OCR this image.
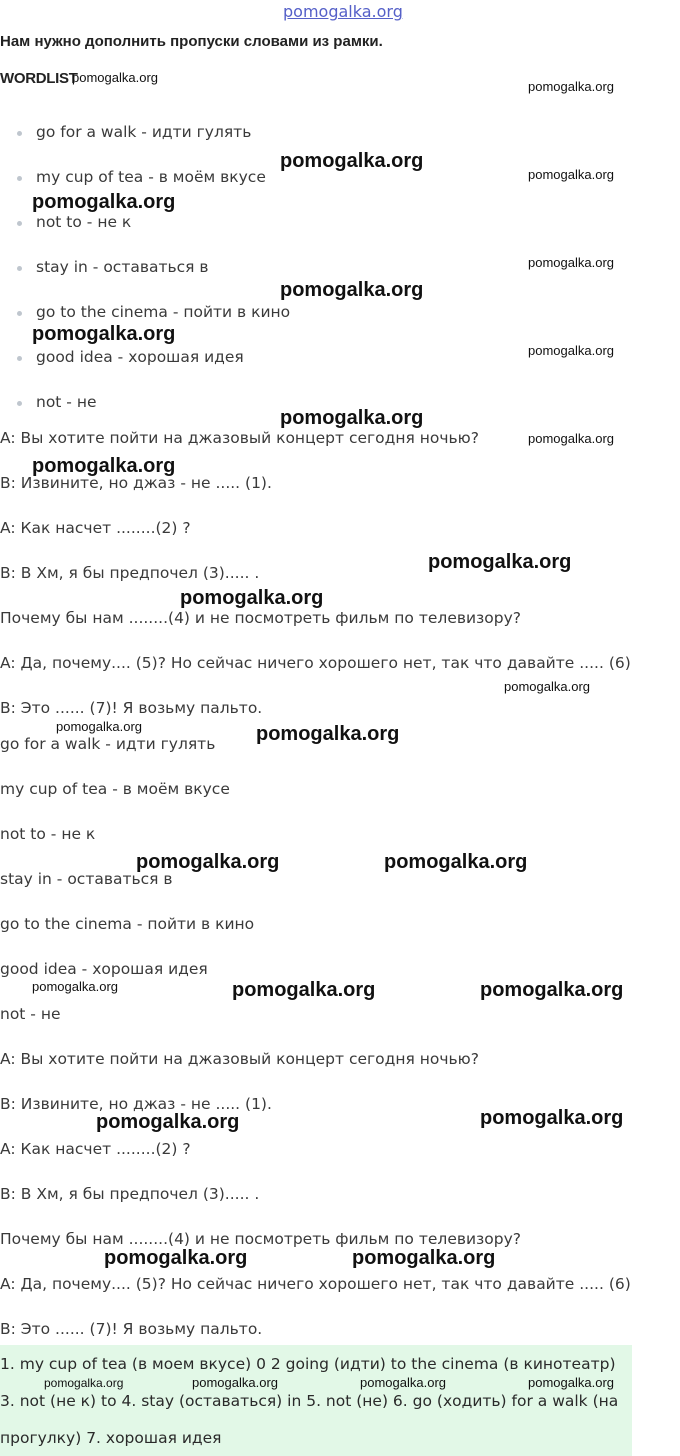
pomogalka.org
Нам нужно дополнить пропуски словами из рамки.
WORDLIST
go for a walk - идти гулять
my cup of tea - в моём вкусе
not to - не к
stay in - оставаться в
go to the cinema - пойти в кино
good idea - хорошая идея
not - не
A: Вы хотите пойти на джазовый концерт сегодня ночью?
B: Извините, но джаз - не ..... (1).
A: Как насчет ........(2) ?
B: В Хм, я бы предпочел (3)..... .
Почему бы нам ........(4) и не посмотреть фильм по телевизору?
A: Да, почему.... (5)? Но сейчас ничего хорошего нет, так что давайте ..... (6)
B: Это ...... (7)! Я возьму пальто.
go for a walk - идти гулять
my cup of tea - в моём вкусе
not to - не к
stay in - оставаться в
go to the cinema - пойти в кино
good idea - хорошая идея
not - не
A: Вы хотите пойти на джазовый концерт сегодня ночью?
B: Извините, но джаз - не ..... (1).
A: Как насчет ........(2) ?
B: В Хм, я бы предпочел (3)..... .
Почему бы нам ........(4) и не посмотреть фильм по телевизору?
A: Да, почему.... (5)? Но сейчас ничего хорошего нет, так что давайте ..... (6)
B: Это ...... (7)! Я возьму пальто.
1. my cup of tea (в моем вкусе) 0 2 going (идти) to the cinema (в кинотеатр)
3. not (не к) to 4. stay (оставаться) in 5. not (не) 6. go (ходить) for a walk (на
прогулку) 7. хорошая идея
pomogalka.org
pomogalka.org
pomogalka.org
pomogalka.org
pomogalka.org
pomogalka.org
pomogalka.org
pomogalka.org
pomogalka.org
pomogalka.org
pomogalka.org
pomogalka.org
pomogalka.org
pomogalka.org
pomogalka.org
pomogalka.org	pomogalka.org
pomogalka.org	pomogalka.org
pomogalka.org	pomogalka.org	pomogalka.org
pomogalka.org
pomogalka.org
pomogalka.org	pomogalka.org
pomogalka.org	pomogalka.org	pomogalka.org	pomogalka.org
